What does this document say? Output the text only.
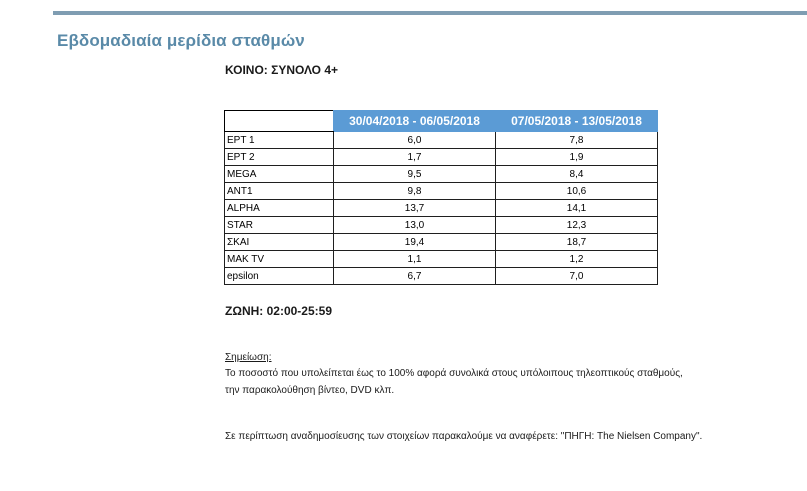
Εβδομαδιαία μερίδια σταθμών
ΚΟΙΝΟ: ΣΥΝΟΛΟ 4+
	30/04/2018 - 06/05/2018	07/05/2018 - 13/05/2018
ΕΡΤ 1	6,0	7,8
ΕΡΤ 2	1,7	1,9
MEGA	9,5	8,4
ANT1	9,8	10,6
ALPHA	13,7	14,1
STAR	13,0	12,3
ΣΚΑΙ	19,4	18,7
MAK TV	1,1	1,2
epsilon	6,7	7,0
ΖΩΝΗ: 02:00-25:59
Σημείωση:
Το ποσοστό που υπολείπεται έως το 100% αφορά συνολικά στους υπόλοιπους τηλεοπτικούς σταθμούς,
την παρακολούθηση βίντεο, DVD κλπ.
Σε περίπτωση αναδημοσίευσης των στοιχείων παρακαλούμε να αναφέρετε: "ΠΗΓΗ: The Nielsen Company".
